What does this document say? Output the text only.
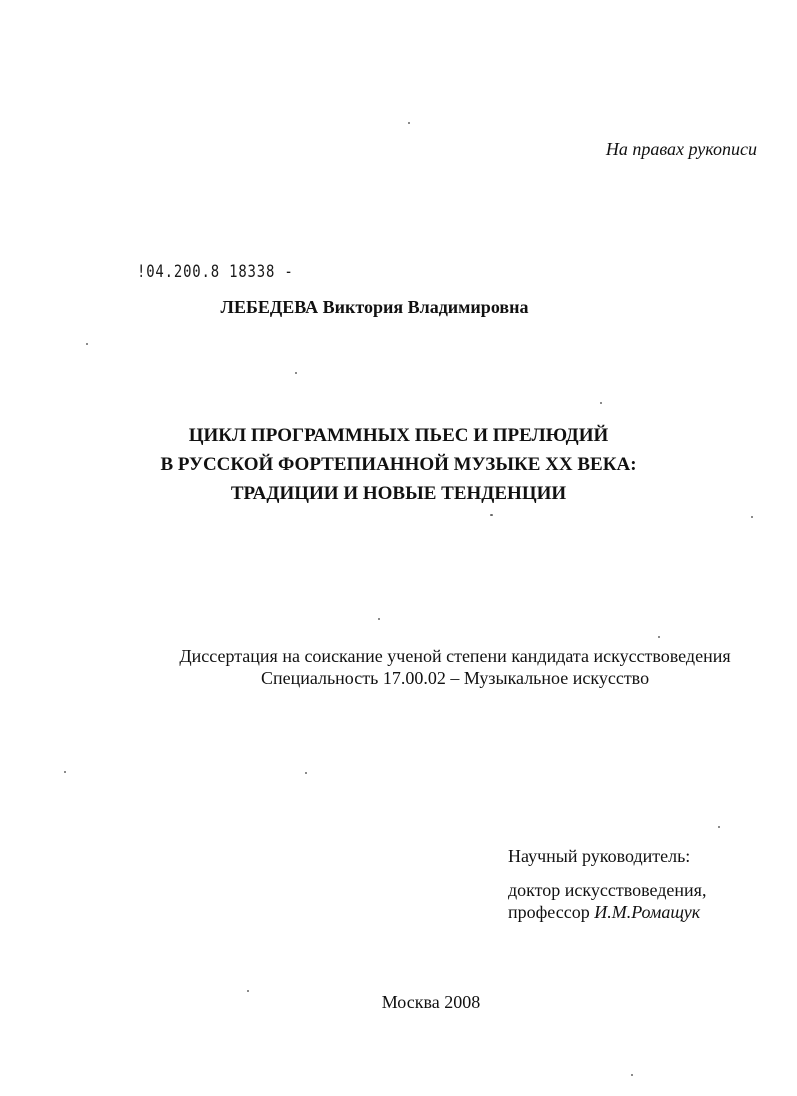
На правах рукописи
!04.200.8 18338 -
ЛЕБЕДЕВА Виктория Владимировна
ЦИКЛ ПРОГРАММНЫХ ПЬЕС И ПРЕЛЮДИЙ
В РУССКОЙ ФОРТЕПИАННОЙ МУЗЫКЕ XX ВЕКА:
ТРАДИЦИИ И НОВЫЕ ТЕНДЕНЦИИ
Диссертация на соискание ученой степени кандидата искусствоведения
Специальность 17.00.02 – Музыкальное искусство
Научный руководитель:
доктор искусствоведения,
профессор И.М.Ромащук
Москва 2008
